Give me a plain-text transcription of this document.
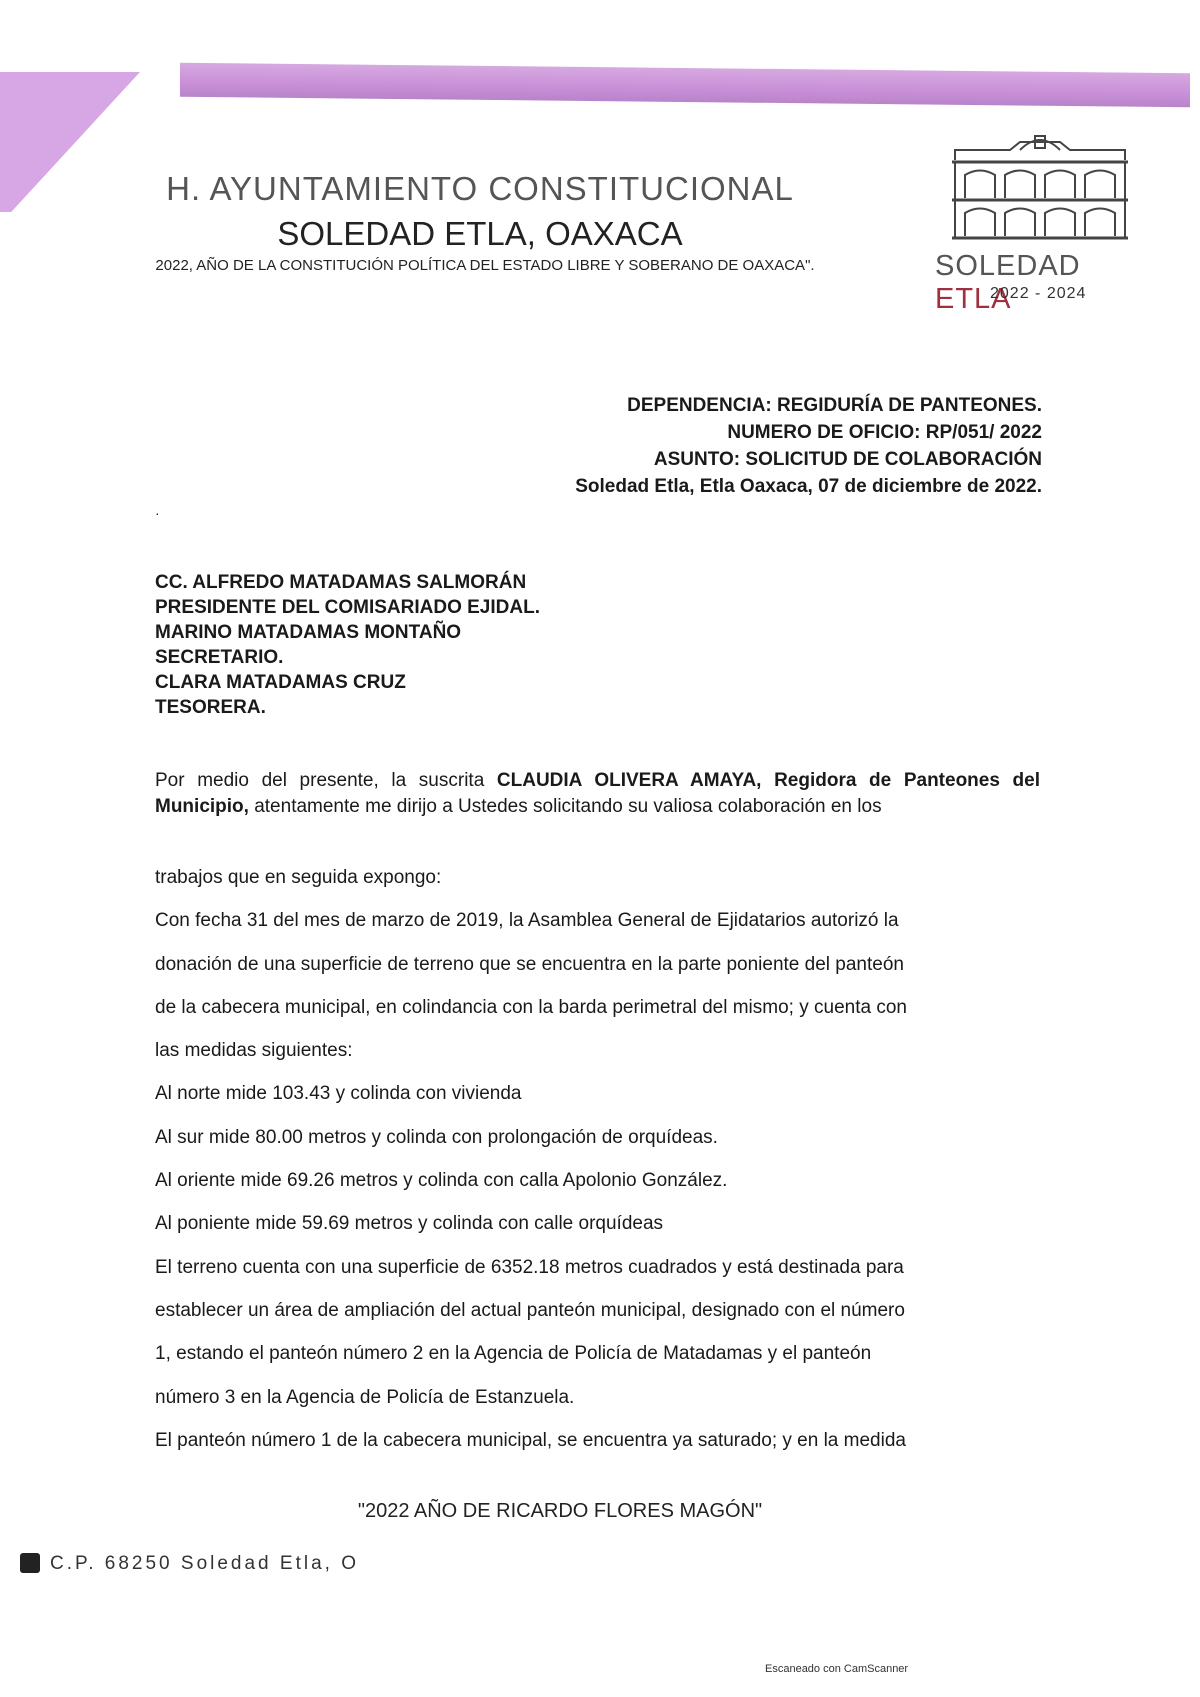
H. AYUNTAMIENTO CONSTITUCIONAL
SOLEDAD ETLA, OAXACA
2022, AÑO DE LA CONSTITUCIÓN POLÍTICA DEL ESTADO LIBRE Y SOBERANO DE OAXACA".	SOLEDAD ETLA
2022 - 2024
DEPENDENCIA: REGIDURÍA DE PANTEONES.
NUMERO DE OFICIO: RP/051/ 2022
ASUNTO: SOLICITUD DE COLABORACIÓN
Soledad Etla, Etla Oaxaca, 07 de diciembre de 2022.
·
CC. ALFREDO MATADAMAS SALMORÁN
PRESIDENTE DEL COMISARIADO EJIDAL.
MARINO MATADAMAS MONTAÑO
SECRETARIO.
CLARA MATADAMAS CRUZ
TESORERA.
Por medio del presente, la suscrita CLAUDIA OLIVERA AMAYA, Regidora de Panteones del Municipio, atentamente me dirijo a Ustedes solicitando su valiosa colaboración en los

trabajos que en seguida expongo:

Con fecha 31 del mes de marzo de 2019, la Asamblea General de Ejidatarios autorizó la

donación de una superficie de terreno que se encuentra en la parte poniente del panteón

de la cabecera municipal, en colindancia con la barda perimetral del mismo; y cuenta con

las medidas siguientes:

Al norte mide 103.43 y colinda con vivienda

Al sur mide 80.00 metros y colinda con prolongación de orquídeas.

Al oriente mide 69.26 metros y colinda con calla Apolonio González.

Al poniente mide 59.69 metros y colinda con calle orquídeas

El terreno cuenta con una superficie de 6352.18 metros cuadrados y está destinada para

establecer un área de ampliación del actual panteón municipal, designado con el número

1, estando el panteón número 2 en la Agencia de Policía de Matadamas y el panteón

número 3 en la Agencia de Policía de Estanzuela.

El panteón número 1 de la cabecera municipal, se encuentra ya saturado; y en la medida

"2022 AÑO DE RICARDO FLORES MAGÓN"
C.P. 68250 Soledad Etla, O
Escaneado con CamScanner
